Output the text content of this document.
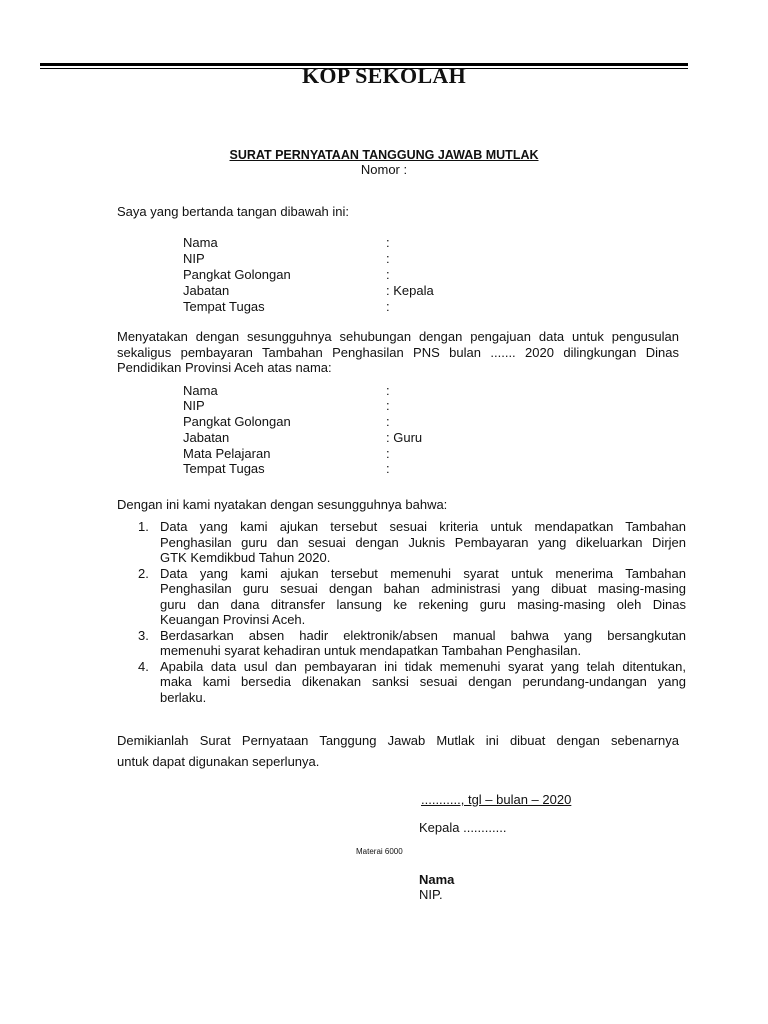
KOP SEKOLAH
SURAT PERNYATAAN TANGGUNG JAWAB MUTLAK
Nomor :
Saya yang bertanda tangan dibawah ini:
Nama	:
NIP	:
Pangkat Golongan	:
Jabatan	: Kepala
Tempat Tugas	:
Menyatakan dengan sesungguhnya sehubungan dengan pengajuan data untuk pengusulan
sekaligus pembayaran Tambahan Penghasilan PNS bulan ....... 2020 dilingkungan Dinas
Pendidikan Provinsi Aceh atas nama:
Nama	:
NIP	:
Pangkat Golongan	:
Jabatan	: Guru
Mata Pelajaran	:
Tempat Tugas	:
Dengan ini kami nyatakan dengan sesungguhnya bahwa:
1. Data yang kami ajukan tersebut sesuai kriteria untuk mendapatkan Tambahan
Penghasilan guru dan sesuai dengan Juknis Pembayaran yang dikeluarkan Dirjen
GTK Kemdikbud Tahun 2020.
2. Data yang kami ajukan tersebut memenuhi syarat untuk menerima Tambahan
Penghasilan guru sesuai dengan bahan administrasi yang dibuat masing-masing
guru dan dana ditransfer lansung ke rekening guru masing-masing oleh Dinas
Keuangan Provinsi Aceh.
3. Berdasarkan absen hadir elektronik/absen manual bahwa yang bersangkutan
memenuhi syarat kehadiran untuk mendapatkan Tambahan Penghasilan.
4. Apabila data usul dan pembayaran ini tidak memenuhi syarat yang telah ditentukan,
maka kami bersedia dikenakan sanksi sesuai dengan perundang-undangan yang
berlaku.
Demikianlah Surat Pernyataan Tanggung Jawab Mutlak ini dibuat dengan sebenarnya
untuk dapat digunakan seperlunya.
..........., tgl – bulan – 2020
Kepala ............
Materai 6000
Nama
NIP.
